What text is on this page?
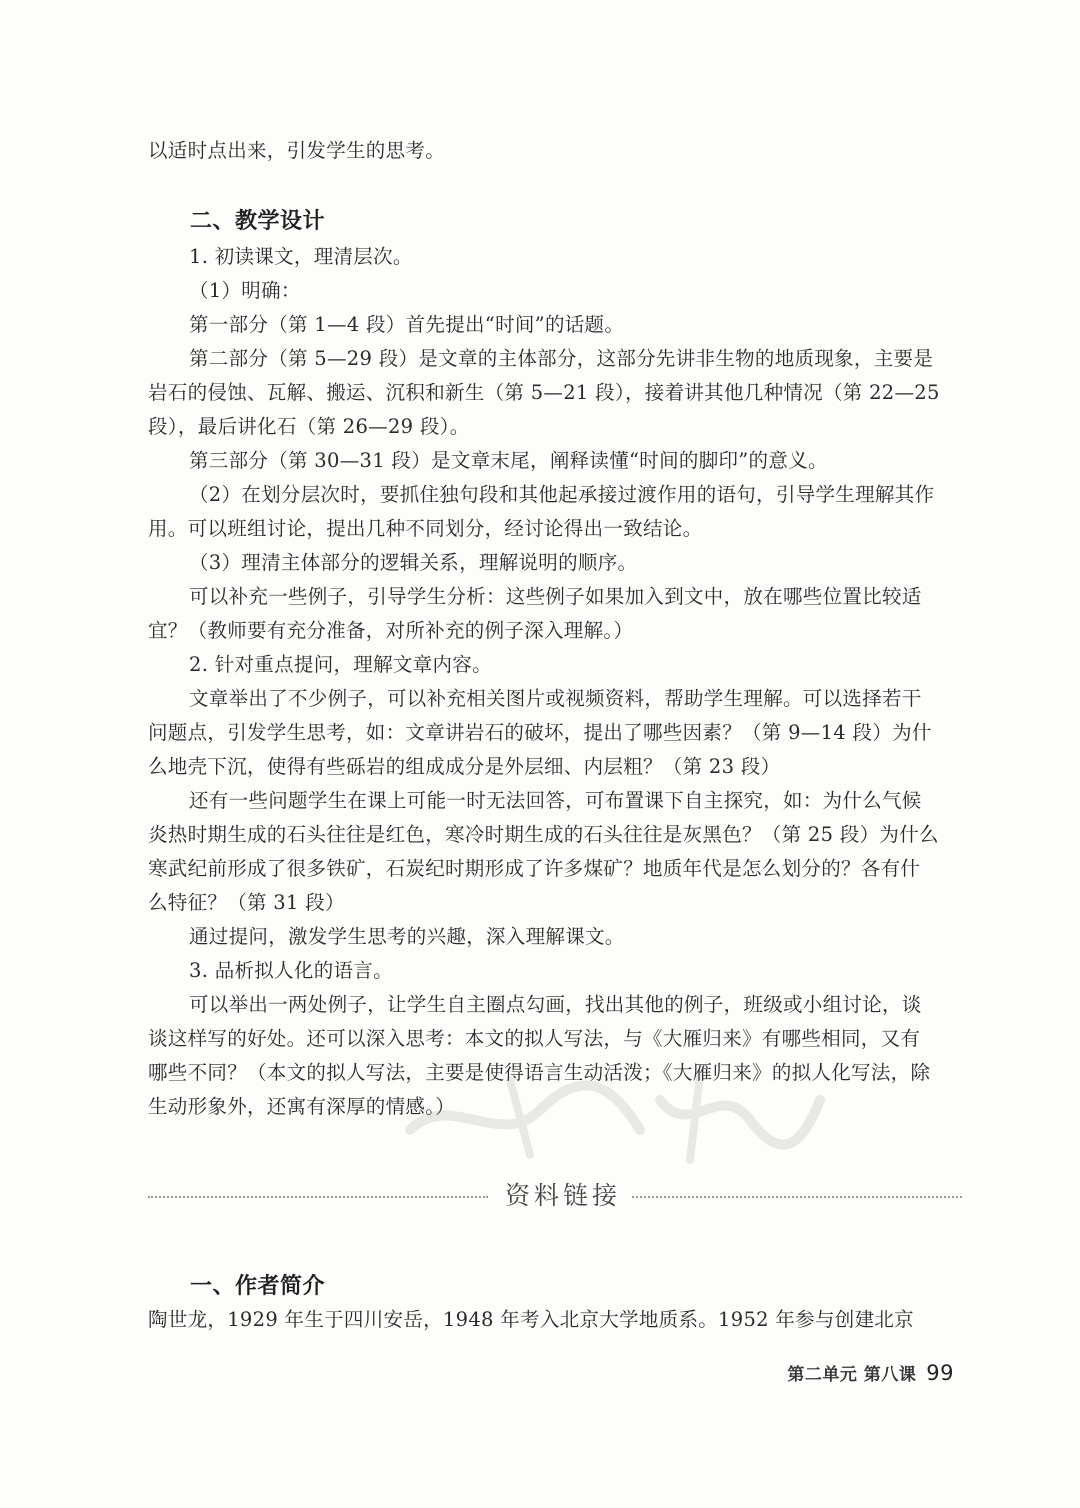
以适时点出来，引发学生的思考。
二、教学设计
1. 初读课文，理清层次。
（1）明确：
第一部分（第 1—4 段）首先提出“时间”的话题。
第二部分（第 5—29 段）是文章的主体部分，这部分先讲非生物的地质现象，主要是
岩石的侵蚀、瓦解、搬运、沉积和新生（第 5—21 段），接着讲其他几种情况（第 22—25
段），最后讲化石（第 26—29 段）。
第三部分（第 30—31 段）是文章末尾，阐释读懂“时间的脚印”的意义。
（2）在划分层次时，要抓住独句段和其他起承接过渡作用的语句，引导学生理解其作
用。可以班组讨论，提出几种不同划分，经讨论得出一致结论。
（3）理清主体部分的逻辑关系，理解说明的顺序。
可以补充一些例子，引导学生分析：这些例子如果加入到文中，放在哪些位置比较适
宜？（教师要有充分准备，对所补充的例子深入理解。）
2. 针对重点提问，理解文章内容。
文章举出了不少例子，可以补充相关图片或视频资料，帮助学生理解。可以选择若干
问题点，引发学生思考，如：文章讲岩石的破坏，提出了哪些因素？（第 9—14 段）为什
么地壳下沉，使得有些砾岩的组成成分是外层细、内层粗？（第 23 段）
还有一些问题学生在课上可能一时无法回答，可布置课下自主探究，如：为什么气候
炎热时期生成的石头往往是红色，寒冷时期生成的石头往往是灰黑色？（第 25 段）为什么
寒武纪前形成了很多铁矿，石炭纪时期形成了许多煤矿？地质年代是怎么划分的？各有什
么特征？（第 31 段）
通过提问，激发学生思考的兴趣，深入理解课文。
3. 品析拟人化的语言。
可以举出一两处例子，让学生自主圈点勾画，找出其他的例子，班级或小组讨论，谈
谈这样写的好处。还可以深入思考：本文的拟人写法，与《大雁归来》有哪些相同，又有
哪些不同？（本文的拟人写法，主要是使得语言生动活泼；《大雁归来》的拟人化写法，除
生动形象外，还寓有深厚的情感。）
资料链接
一、作者简介
陶世龙，1929 年生于四川安岳，1948 年考入北京大学地质系。1952 年参与创建北京
第二单元 第八课 99
